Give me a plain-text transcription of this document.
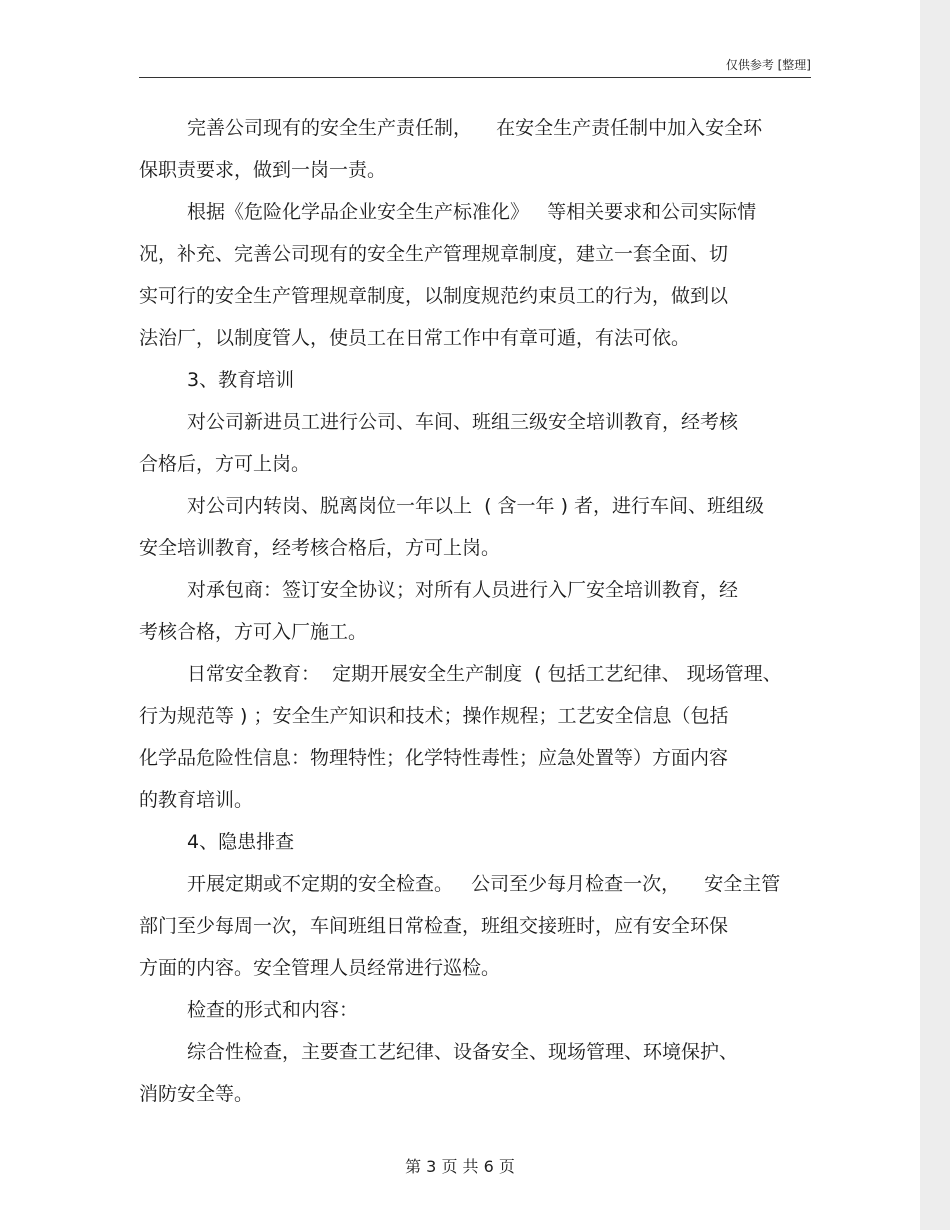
仅供参考 [整理]
完善公司现有的安全生产责任制，    在安全生产责任制中加入安全环
保职责要求，做到一岗一责。
根据《危险化学品企业安全生产标准化》   等相关要求和公司实际情
况，补充、完善公司现有的安全生产管理规章制度，建立一套全面、切
实可行的安全生产管理规章制度，以制度规范约束员工的行为，做到以
法治厂，以制度管人，使员工在日常工作中有章可遁，有法可依。
3、教育培训
对公司新进员工进行公司、车间、班组三级安全培训教育，经考核
合格后，方可上岗。
对公司内转岗、脱离岗位一年以上  ( 含一年 ) 者，进行车间、班组级
安全培训教育，经考核合格后，方可上岗。
对承包商：签订安全协议；对所有人员进行入厂安全培训教育，经
考核合格，方可入厂施工。
日常安全教育：  定期开展安全生产制度  ( 包括工艺纪律、 现场管理、
行为规范等 ) ；安全生产知识和技术；操作规程；工艺安全信息（包括
化学品危险性信息：物理特性；化学特性毒性；应急处置等）方面内容
的教育培训。
4、隐患排查
开展定期或不定期的安全检查。   公司至少每月检查一次，    安全主管
部门至少每周一次，车间班组日常检查，班组交接班时，应有安全环保
方面的内容。安全管理人员经常进行巡检。
检查的形式和内容：
综合性检查，主要查工艺纪律、设备安全、现场管理、环境保护、
消防安全等。
第 3 页 共 6 页
